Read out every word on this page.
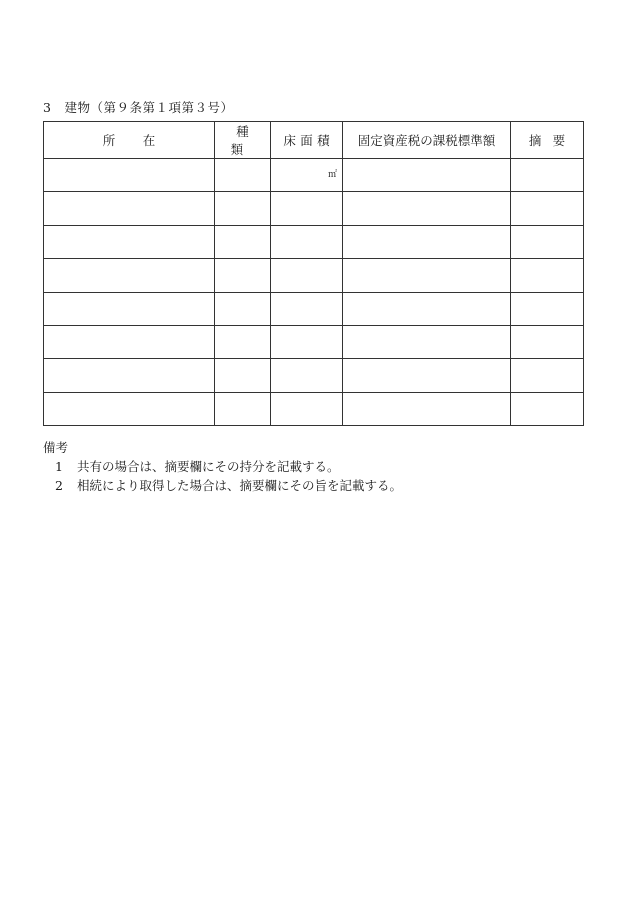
3　建物（第９条第１項第３号）
所在	種類	床面積	固定資産税の課税標準額	摘要

		㎡		

備考
1 共有の場合は、摘要欄にその持分を記載する。
2 相続により取得した場合は、摘要欄にその旨を記載する。
